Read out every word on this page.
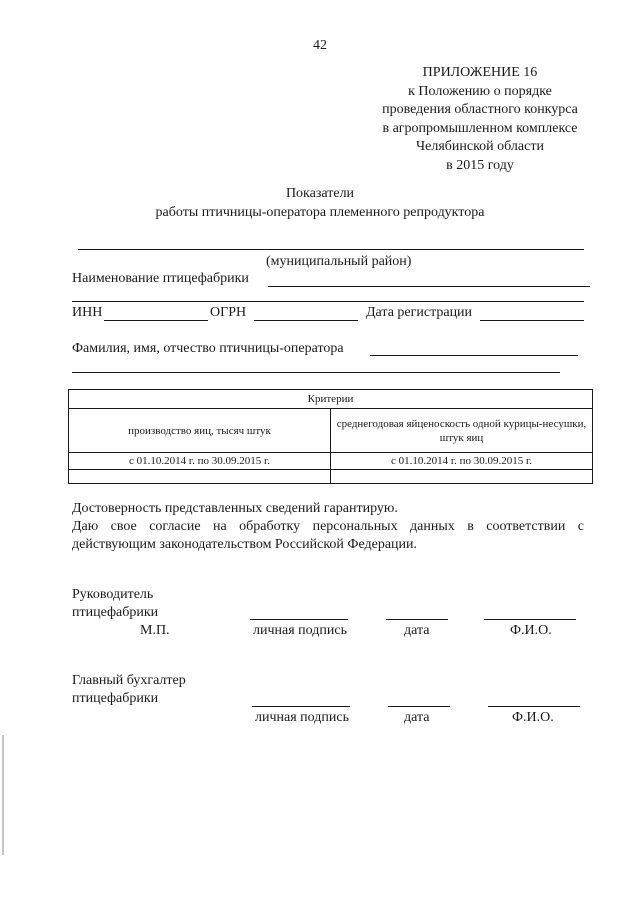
42
ПРИЛОЖЕНИЕ 16
к Положению о порядке
проведения областного конкурса
в агропромышленном комплексе
Челябинской области
в 2015 году
Показатели
работы птичницы-оператора племенного репродуктора
(муниципальный район)
Наименование птицефабрики
ИНН	ОГРН	Дата регистрации
Фамилия, имя, отчество птичницы-оператора
Критерии	
производство яиц, тысяч штук	среднегодовая яйценоскость одной курицы-несушки, штук яиц
с 01.10.2014 г. по 30.09.2015 г.	с 01.10.2014 г. по 30.09.2015 г.

Достоверность представленных сведений гарантирую.

Даю свое согласие на обработку персональных данных в соответствии с действующим законодательством Российской Федерации.

Руководитель
птицефабрики
М.П.	личная подпись	дата	Ф.И.О.
Главный бухгалтер
птицефабрики
личная подпись	дата	Ф.И.О.
